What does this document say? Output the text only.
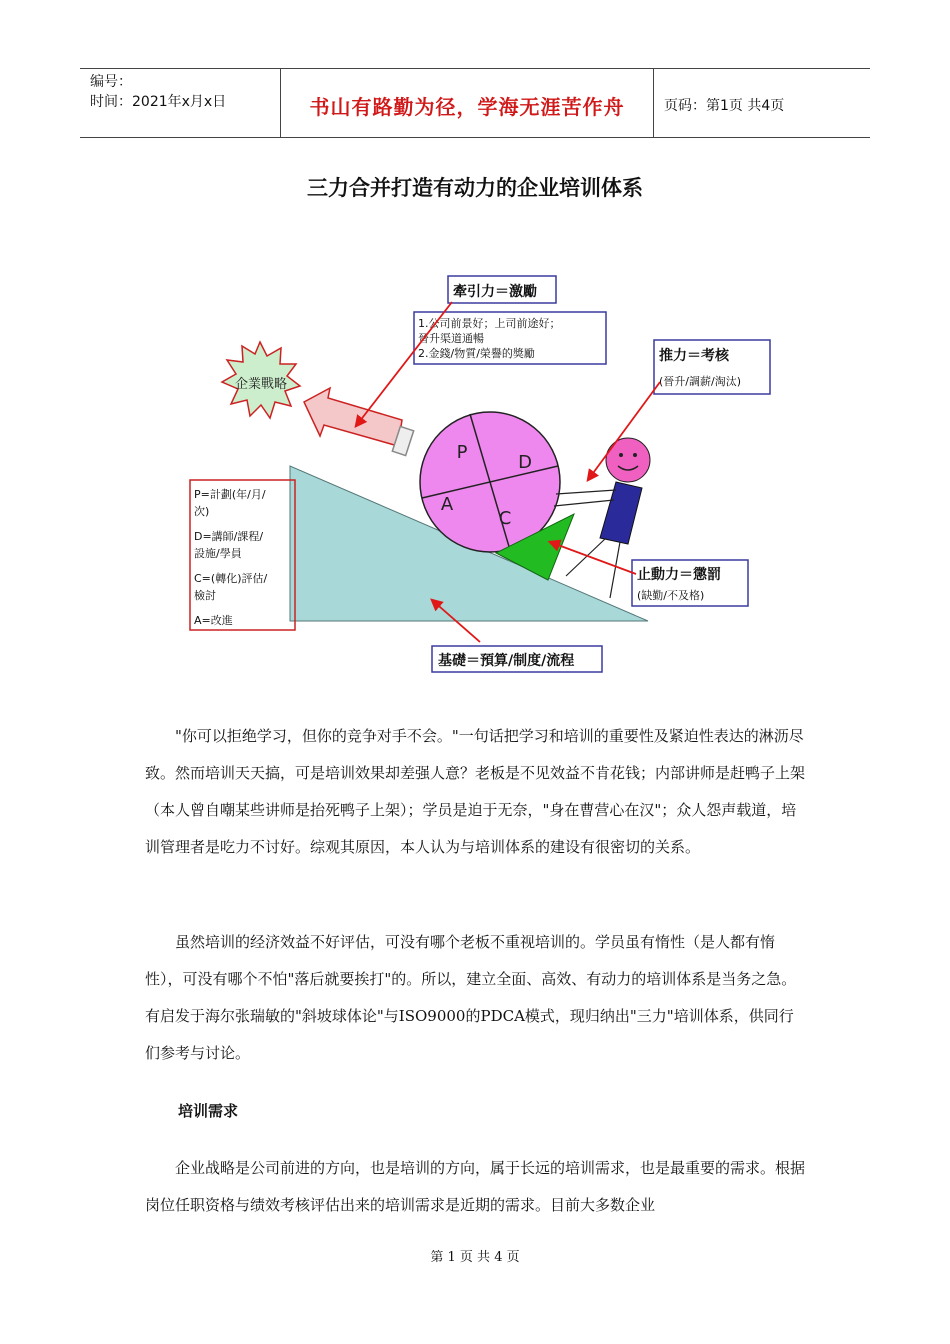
编号：
时间：2021年x月x日	书山有路勤为径，学海无涯苦作舟	页码：第1页 共4页
三力合并打造有动力的企业培训体系
P=計劃(年/月/
次)
D=講師/課程/
設施/學員
C=(轉化)評估/
檢討
A=改進
企業戰略
P	D
A
C
牽引力＝激勵
1.公司前景好；上司前途好；
晉升渠道通暢
2.金錢/物質/榮譽的獎勵	推力＝考核
(晉升/調薪/淘汰)
止動力＝懲罰
(缺勤/不及格)
基礎＝預算/制度/流程

"你可以拒绝学习，但你的竞争对手不会。"一句话把学习和培训的重要性及紧迫性表达的淋沥尽致。然而培训天天搞，可是培训效果却差强人意？老板是不见效益不肯花钱；内部讲师是赶鸭子上架（本人曾自嘲某些讲师是抬死鸭子上架）；学员是迫于无奈，"身在曹营心在汉"；众人怨声载道，培训管理者是吃力不讨好。综观其原因，本人认为与培训体系的建设有很密切的关系。

虽然培训的经济效益不好评估，可没有哪个老板不重视培训的。学员虽有惰性（是人都有惰性），可没有哪个不怕"落后就要挨打"的。所以，建立全面、高效、有动力的培训体系是当务之急。有启发于海尔张瑞敏的"斜坡球体论"与ISO9000的PDCA模式，现归纳出"三力"培训体系，供同行们参考与讨论。

培训需求

企业战略是公司前进的方向，也是培训的方向，属于长远的培训需求，也是最重要的需求。根据岗位任职资格与绩效考核评估出来的培训需求是近期的需求。目前大多数企业

第 1 页 共 4 页
